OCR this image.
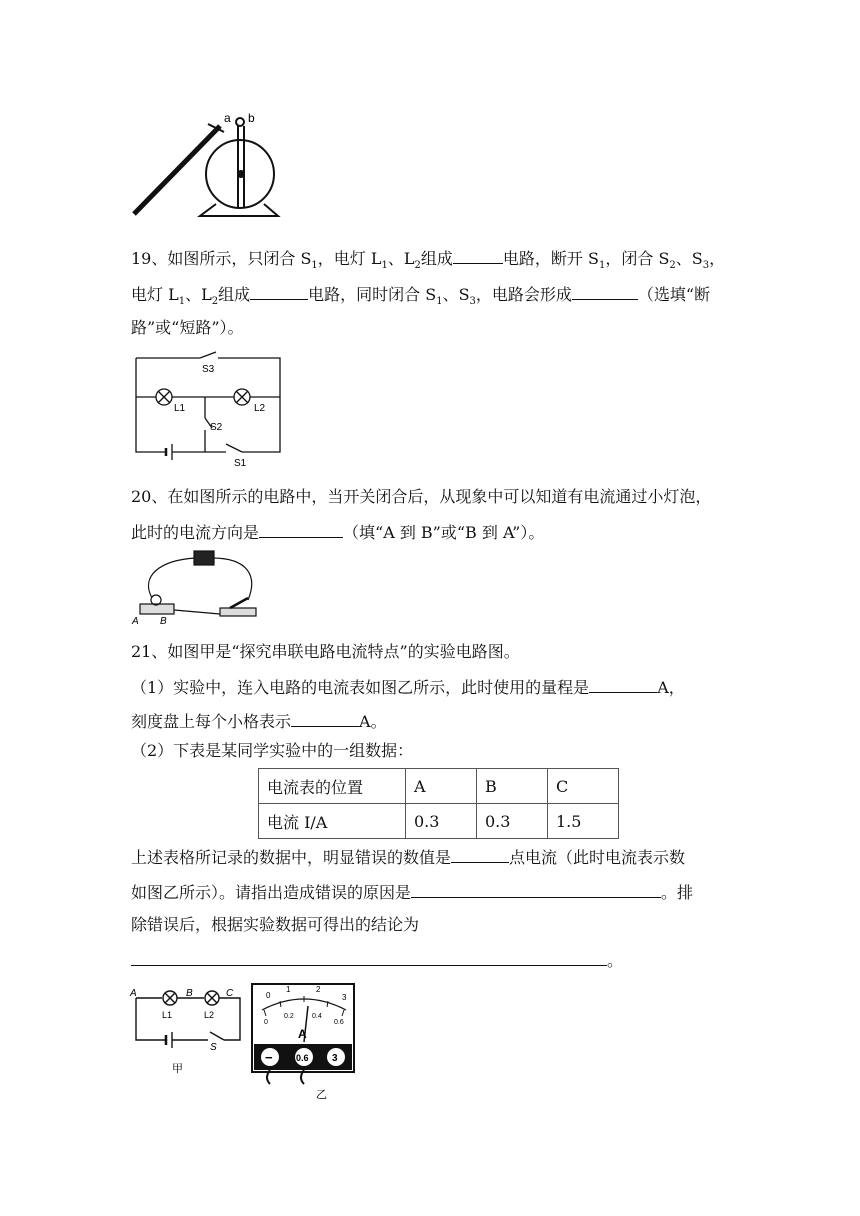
a b
19、如图所示，只闭合 $S_1$，电灯 $L_1$、$L_2$组成	电路，断开 $S_1$，闭合 $S_2$、$S_3$，
电灯 $L_1$、$L_2$组成	电路，同时闭合 $S_1$、$S_3$，电路会形成	（选填“断
路”或“短路”）。
S3
L1	L2
S2
S1
20、在如图所示的电路中，当开关闭合后，从现象中可以知道有电流通过小灯泡，
此时的电流方向是	（填“A 到 B”或“B 到 A”）。
A B
21、如图甲是“探究串联电路电流特点”的实验电路图。
（1）实验中，连入电路的电流表如图乙所示，此时使用的量程是	A，
刻度盘上每个小格表示	A。
（2）下表是某同学实验中的一组数据：
电流表的位置	A	B	C
电流 I/A	0.3	0.3	1.5
上述表格所记录的数据中，明显错误的数值是	点电流（此时电流表示数
如图乙所示）。请指出造成错误的原因是	。排
除错误后，根据实验数据可得出的结论为
。
A	B	C
L1	L2
S
甲
0
1	2
3
0
0.2	0.4
0.6
A
−	0.6 3
乙
